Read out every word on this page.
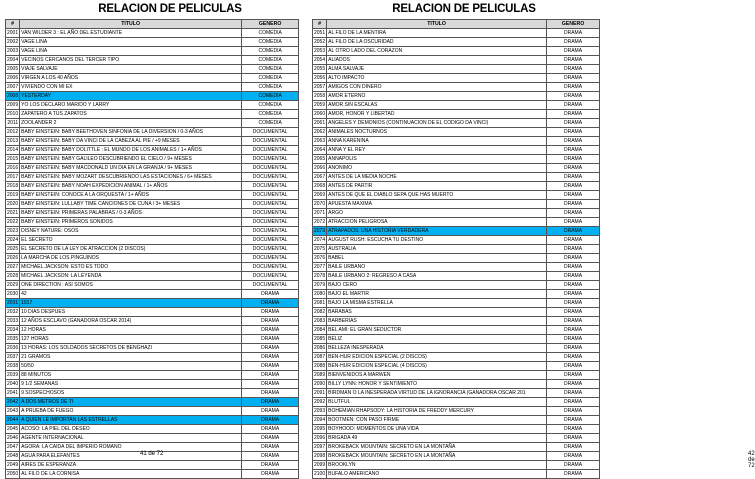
RELACION DE PELICULAS
#	TITULO	GENERO
2001	VAN WILDER 3 : EL AÑO DEL ESTUDIANTE	COMEDIA
2002	VAGE LINA	COMEDIA
2003	VAGE LINA	COMEDIA
2004	VECINOS CERCANOS DEL TERCER TIPO	COMEDIA
2005	VIAJE SALVAJE	COMEDIA
2006	VIRGEN A LOS 40 AÑOS	COMEDIA
2007	VIVIENDO CON MI EX	COMEDIA
2008	YESTERDAY	COMEDIA
2009	YO LOS DECLARO MARIDO Y LARRY	COMEDIA
2010	ZAPATERO A TUS ZAPATOS	COMEDIA
2011	ZOOLANDER 2	COMEDIA
2012	BABY EINSTEIN: BABY BEETHOVEN SINFONIA DE LA DIVERSION / 0-3 AÑOS	DOCUMENTAL
2013	BABY EINSTEIN: BABY DA VINCI DE LA CABEZA AL PIE / +9 MESES	DOCUMENTAL
2014	BABY EINSTEIN: BABY DOLITTLE : EL MUNDO DE LOS ANIMALES / 1+ AÑOS	DOCUMENTAL
2015	BABY EINSTEIN: BABY GALILEO DESCUBRIENDO EL CIELO / 9+ MESES	DOCUMENTAL
2016	BABY EINSTEIN: BABY MACDONALD UN DIA EN LA GRANJA / 9+ MESES	DOCUMENTAL
2017	BABY EINSTEIN: BABY MOZART DESCUBRIENDO LAS ESTACIONES / 6+ MESES	DOCUMENTAL
2018	BABY EINSTEIN: BABY NOAH EXPEDICION ANIMAL / 1+ AÑOS	DOCUMENTAL
2019	BABY EINSTEIN: CONOCE A LA ORQUESTA / 1+ AÑOS	DOCUMENTAL
2020	BABY EINSTEIN: LULLABY TIME CANCIONES DE CUNA / 3+ MESES	DOCUMENTAL
2021	BABY EINSTEIN: PRIMERAS PALABRAS / 0-3 AÑOS	DOCUMENTAL
2022	BABY EINSTEIN: PRIMEROS SONIDOS	DOCUMENTAL
2023	DISNEY NATURE: OSOS	DOCUMENTAL
2024	EL SECRETO	DOCUMENTAL
2025	EL SECRETO DE LA LEY DE ATRACCION (2 DISCOS)	DOCUMENTAL
2026	LA MARCHA DE LOS PINGUINOS	DOCUMENTAL
2027	MICHAEL JACKSON: ESTO ES TODO	DOCUMENTAL
2028	MICHAEL JACKSON: LA LEYENDA	DOCUMENTAL
2029	ONE DIRECTION : ASI SOMOS	DOCUMENTAL
2030	42	DRAMA
2031	1917	DRAMA
2032	10 DIAS DESPUES	DRAMA
2033	12 AÑOS ESCLAVO (GANADORA OSCAR 2014)	DRAMA
2034	12 HORAS	DRAMA
2035	127 HORAS	DRAMA
2036	13 HORAS: LOS SOLDADOS SECRETOS DE BENGHAZI	DRAMA
2037	21 GRAMOS	DRAMA
2038	50/50	DRAMA
2039	88 MINUTOS	DRAMA
2040	9 1/2 SEMANAS	DRAMA
2041	9 SOSPECHOSOS	DRAMA
2042	A DOS METROS DE TI	DRAMA
2043	A PRUEBA DE FUEGO	DRAMA
2044	A QUIEN LE IMPORTAN LAS ESTRELLAS	DRAMA
2045	ACOSO: LA PIEL DEL DESEO	DRAMA
2046	AGENTE INTERNACIONAL	DRAMA
2047	AGORA: LA CAIDA DEL IMPERIO ROMANO	DRAMA
2048	AGUA PARA ELEFANTES	DRAMA
2049	AIRES DE ESPERANZA	DRAMA
2050	AL FILO DE LA CORNISA	DRAMA
41 de 72
RELACION DE PELICULAS
#	TITULO	GENERO
2051	AL FILO DE LA MENTIRA	DRAMA
2052	AL FILO DE LA OSCURIDAD	DRAMA
2053	AL OTRO LADO DEL CORAZON	DRAMA
2054	ALIADOS	DRAMA
2055	ALMA SALVAJE	DRAMA
2056	ALTO IMPACTO	DRAMA
2057	AMIGOS CON DINERO	DRAMA
2058	AMOR ETERNO	DRAMA
2059	AMOR SIN ESCALAS	DRAMA
2060	AMOR, HONOR Y LIBERTAD	DRAMA
2061	ANGELES Y DEMONIOS (CONTINUACION DE EL CODIGO DA VINCI)	DRAMA
2062	ANIMALES NOCTURNOS	DRAMA
2063	ANNA KARENINA	DRAMA
2064	ANNA Y EL REY	DRAMA
2065	ANNAPOLIS	DRAMA
2066	ANONIMO	DRAMA
2067	ANTES DE LA MEDIA NOCHE	DRAMA
2068	ANTES DE PARTIR	DRAMA
2069	ANTES DE QUE EL DIABLO SEPA QUE HAS MUERTO	DRAMA
2070	APUESTA MAXIMA	DRAMA
2071	ARGO	DRAMA
2072	ATRACCION PELIGROSA	DRAMA
2073	ATRAPADOS: UNA HISTORIA VERDADERA	DRAMA
2074	AUGUST RUSH: ESCUCHA TU DESTINO	DRAMA
2075	AUSTRALIA	DRAMA
2076	BABEL	DRAMA
2077	BAILE URBANO	DRAMA
2078	BAILE URBANO 2: REGRESO A CASA	DRAMA
2079	BAJO CERO	DRAMA
2080	BAJO EL MARTIR	DRAMA
2081	BAJO LA MISMA ESTRELLA	DRAMA
2082	BARABAS	DRAMA
2083	BARBERIAS	DRAMA
2084	BEL AMI: EL GRAN SEDUCTOR	DRAMA
2085	BELIZ	DRAMA
2086	BELLEZA INESPERADA	DRAMA
2087	BEN-HUR EDICION ESPECIAL (2 DISCOS)	DRAMA
2088	BEN-HUR EDICION ESPECIAL (4 DISCOS)	DRAMA
2089	BIENVENIDOS A MARWEN	DRAMA
2090	BILLY LYNN: HONOR Y SENTIMIENTO	DRAMA
2091	BIRDMAN O LA INESPERADA VIRTUD DE LA IGNORANCIA (GANADORA OSCAR 201	DRAMA
2092	BLUTFUL	DRAMA
2093	BOHEMIAN RHAPSODY: LA HISTORIA DE FREDDY MERCURY	DRAMA
2094	BOOTMEN: CON PASO FIRME	DRAMA
2095	BOYHOOD: MOMENTOS DE UNA VIDA	DRAMA
2096	BRIGADA 49	DRAMA
2097	BROKEBACK MOUNTAIN: SECRETO EN LA MONTAÑA	DRAMA
2098	BROKEBACK MOUNTAIN: SECRETO EN LA MONTAÑA	DRAMA
2099	BROOKLYN	DRAMA
2100	BUFALO AMERICANO	DRAMA
42 de 72
